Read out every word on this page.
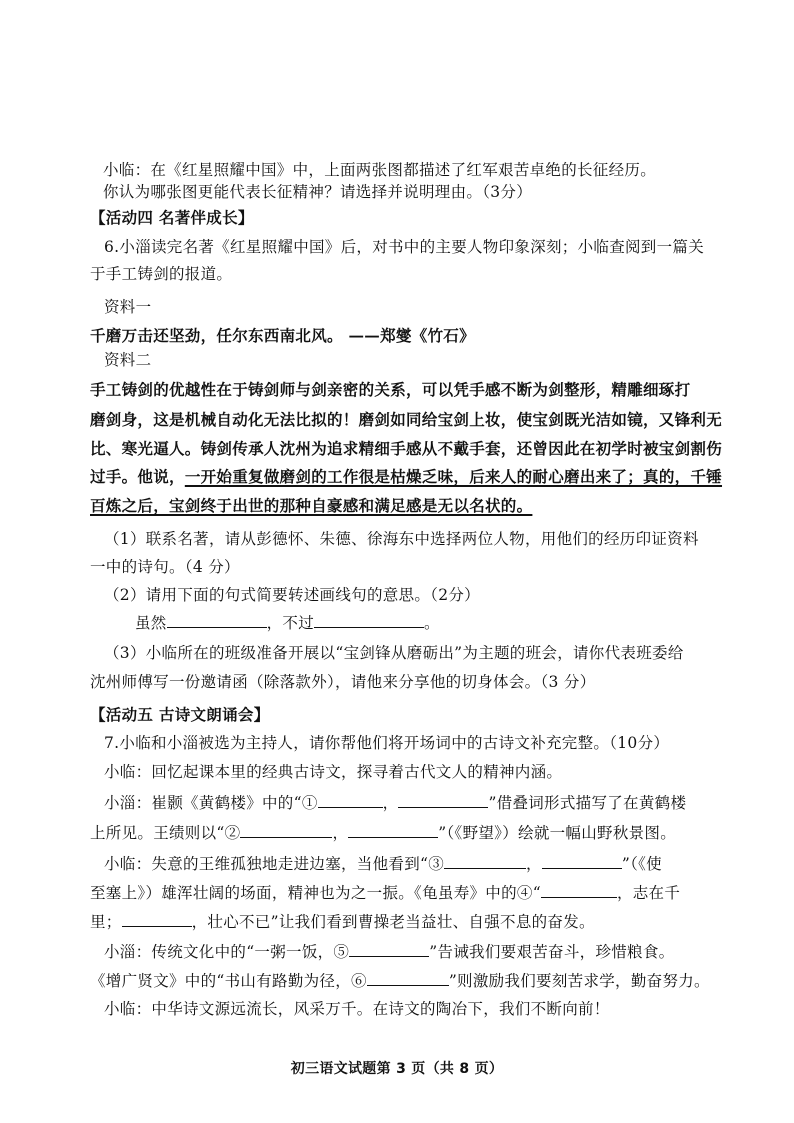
小临：在《红星照耀中国》中，上面两张图都描述了红军艰苦卓绝的长征经历。
你认为哪张图更能代表长征精神？请选择并说明理由。（3分）
【活动四 名著伴成长】
6.小淄读完名著《红星照耀中国》后，对书中的主要人物印象深刻；小临查阅到一篇关
于手工铸剑的报道。
资料一
千磨万击还坚劲，任尔东西南北风。 ——郑燮《竹石》
资料二
手工铸剑的优越性在于铸剑师与剑亲密的关系，可以凭手感不断为剑整形，精雕细琢打
磨剑身，这是机械自动化无法比拟的！磨剑如同给宝剑上妆，使宝剑既光洁如镜，又锋利无
比、寒光逼人。铸剑传承人沈州为追求精细手感从不戴手套，还曾因此在初学时被宝剑割伤
过手。他说，一开始重复做磨剑的工作很是枯燥乏味，后来人的耐心磨出来了；真的，千锤
百炼之后，宝剑终于出世的那种自豪感和满足感是无以名状的。
（1）联系名著，请从彭德怀、朱德、徐海东中选择两位人物，用他们的经历印证资料
一中的诗句。（4 分）
（2）请用下面的句式简要转述画线句的意思。（2分）
虽然	，不过	。
（3）小临所在的班级准备开展以“宝剑锋从磨砺出”为主题的班会，请你代表班委给
沈州师傅写一份邀请函（除落款外），请他来分享他的切身体会。（3 分）
【活动五 古诗文朗诵会】
7.小临和小淄被选为主持人，请你帮他们将开场词中的古诗文补充完整。（10分）
小临：回忆起课本里的经典古诗文，探寻着古代文人的精神内涵。
小淄：崔颢《黄鹤楼》中的“①	，	”借叠词形式描写了在黄鹤楼
上所见。王绩则以“②	，	”（《野望》）绘就一幅山野秋景图。
小临：失意的王维孤独地走进边塞，当他看到“③	，	”（《使
至塞上》）雄浑壮阔的场面，精神也为之一振。《龟虽寿》中的④“	，志在千
里；	，壮心不已”让我们看到曹操老当益壮、自强不息的奋发。
小淄：传统文化中的“一粥一饭，⑤	”告诫我们要艰苦奋斗，珍惜粮食。
《增广贤文》中的“书山有路勤为径，⑥	”则激励我们要刻苦求学，勤奋努力。
小临：中华诗文源远流长，风采万千。在诗文的陶冶下，我们不断向前！
初三语文试题第 3 页（共 8 页）
